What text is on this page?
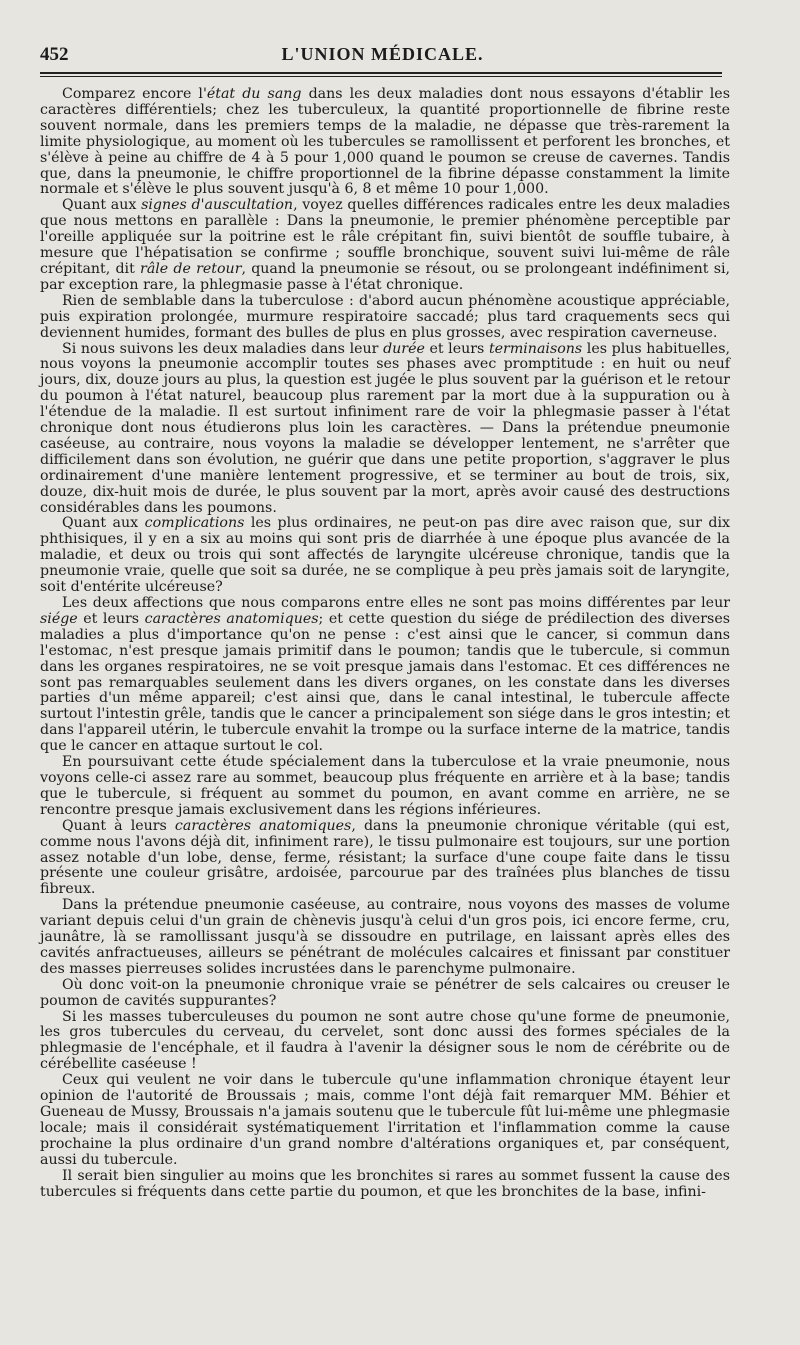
452	L'UNION MÉDICALE.

Comparez encore l'état du sang dans les deux maladies dont nous essayons d'établir les caractères différentiels; chez les tuberculeux, la quantité proportionnelle de fibrine reste souvent normale, dans les premiers temps de la maladie, ne dépasse que très-rarement la limite physiologique, au moment où les tubercules se ramollissent et perforent les bronches, et s'élève à peine au chiffre de 4 à 5 pour 1,000 quand le poumon se creuse de cavernes. Tandis que, dans la pneumonie, le chiffre proportionnel de la fibrine dépasse constamment la limite normale et s'élève le plus souvent jusqu'à 6, 8 et même 10 pour 1,000.

Quant aux signes d'auscultation, voyez quelles différences radicales entre les deux maladies que nous mettons en parallèle : Dans la pneumonie, le premier phénomène perceptible par l'oreille appliquée sur la poitrine est le râle crépitant fin, suivi bientôt de souffle tubaire, à mesure que l'hépatisation se confirme ; souffle bronchique, souvent suivi lui-même de râle crépitant, dit râle de retour, quand la pneumonie se résout, ou se prolongeant indéfiniment si, par exception rare, la phlegmasie passe à l'état chronique.

Rien de semblable dans la tuberculose : d'abord aucun phénomène acoustique appréciable, puis expiration prolongée, murmure respiratoire saccadé; plus tard craquements secs qui deviennent humides, formant des bulles de plus en plus grosses, avec respiration caverneuse.

Si nous suivons les deux maladies dans leur durée et leurs terminaisons les plus habituelles, nous voyons la pneumonie accomplir toutes ses phases avec promptitude : en huit ou neuf jours, dix, douze jours au plus, la question est jugée le plus souvent par la guérison et le retour du poumon à l'état naturel, beaucoup plus rarement par la mort due à la suppuration ou à l'étendue de la maladie. Il est surtout infiniment rare de voir la phlegmasie passer à l'état chronique dont nous étudierons plus loin les caractères. — Dans la prétendue pneumonie caséeuse, au contraire, nous voyons la maladie se développer lentement, ne s'arrêter que difficilement dans son évolution, ne guérir que dans une petite proportion, s'aggraver le plus ordinairement d'une manière lentement progressive, et se terminer au bout de trois, six, douze, dix-huit mois de durée, le plus souvent par la mort, après avoir causé des destructions considérables dans les poumons.

Quant aux complications les plus ordinaires, ne peut-on pas dire avec raison que, sur dix phthisiques, il y en a six au moins qui sont pris de diarrhée à une époque plus avancée de la maladie, et deux ou trois qui sont affectés de laryngite ulcéreuse chronique, tandis que la pneumonie vraie, quelle que soit sa durée, ne se complique à peu près jamais soit de laryngite, soit d'entérite ulcéreuse?

Les deux affections que nous comparons entre elles ne sont pas moins différentes par leur siége et leurs caractères anatomiques; et cette question du siége de prédilection des diverses maladies a plus d'importance qu'on ne pense : c'est ainsi que le cancer, si commun dans l'estomac, n'est presque jamais primitif dans le poumon; tandis que le tubercule, si commun dans les organes respiratoires, ne se voit presque jamais dans l'estomac. Et ces différences ne sont pas remarquables seulement dans les divers organes, on les constate dans les diverses parties d'un même appareil; c'est ainsi que, dans le canal intestinal, le tubercule affecte surtout l'intestin grêle, tandis que le cancer a principalement son siége dans le gros intestin; et dans l'appareil utérin, le tubercule envahit la trompe ou la surface interne de la matrice, tandis que le cancer en attaque surtout le col.

En poursuivant cette étude spécialement dans la tuberculose et la vraie pneumonie, nous voyons celle-ci assez rare au sommet, beaucoup plus fréquente en arrière et à la base; tandis que le tubercule, si fréquent au sommet du poumon, en avant comme en arrière, ne se rencontre presque jamais exclusivement dans les régions inférieures.

Quant à leurs caractères anatomiques, dans la pneumonie chronique véritable (qui est, comme nous l'avons déjà dit, infiniment rare), le tissu pulmonaire est toujours, sur une portion assez notable d'un lobe, dense, ferme, résistant; la surface d'une coupe faite dans le tissu présente une couleur grisâtre, ardoisée, parcourue par des traînées plus blanches de tissu fibreux.

Dans la prétendue pneumonie caséeuse, au contraire, nous voyons des masses de volume variant depuis celui d'un grain de chènevis jusqu'à celui d'un gros pois, ici encore ferme, cru, jaunâtre, là se ramollissant jusqu'à se dissoudre en putrilage, en laissant après elles des cavités anfractueuses, ailleurs se pénétrant de molécules calcaires et finissant par constituer des masses pierreuses solides incrustées dans le parenchyme pulmonaire.

Où donc voit-on la pneumonie chronique vraie se pénétrer de sels calcaires ou creuser le poumon de cavités suppurantes?

Si les masses tuberculeuses du poumon ne sont autre chose qu'une forme de pneumonie, les gros tubercules du cerveau, du cervelet, sont donc aussi des formes spéciales de la phlegmasie de l'encéphale, et il faudra à l'avenir la désigner sous le nom de cérébrite ou de cérébellite caséeuse !

Ceux qui veulent ne voir dans le tubercule qu'une inflammation chronique étayent leur opinion de l'autorité de Broussais ; mais, comme l'ont déjà fait remarquer MM. Béhier et Gueneau de Mussy, Broussais n'a jamais soutenu que le tubercule fût lui-même une phlegmasie locale; mais il considérait systématiquement l'irritation et l'inflammation comme la cause prochaine la plus ordinaire d'un grand nombre d'altérations organiques et, par conséquent, aussi du tubercule.

Il serait bien singulier au moins que les bronchites si rares au sommet fussent la cause des tubercules si fréquents dans cette partie du poumon, et que les bronchites de la base, infini-
